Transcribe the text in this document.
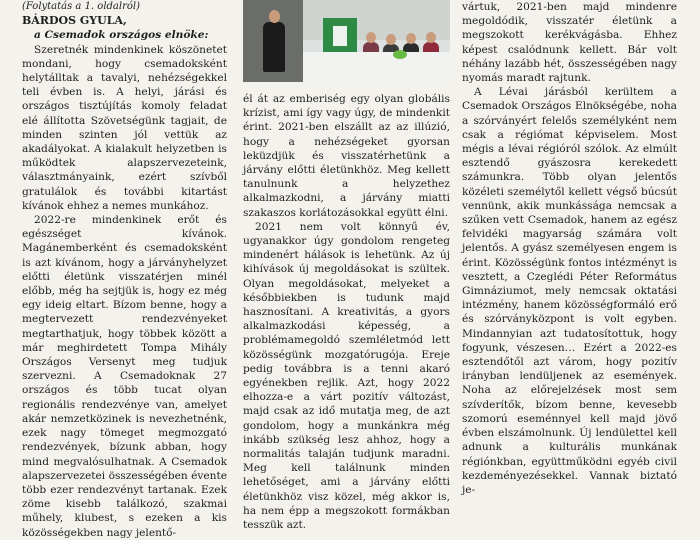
(Folytatás a 1. oldalról)

BÁRDOS GYULA,

a Csemadok országos elnöke:

Szeretnék mindenkinek köszönetet mondani, hogy csemadoksként helytálltak a tavalyi, nehézségekkel teli évben is. A helyi, járási és országos tisztújítás komoly feladat elé állította Szövetségünk tagjait, de minden szinten jól vettük az akadályokat. A kialakult helyzetben is működtek alapszervezeteink, választmányaink, ezért szívből gratulálok és további kitartást kívánok ehhez a nemes munkához.

2022-re mindenkinek erőt és egészséget kívánok. Magánemberként és csemadoksként is azt kívánom, hogy a járványhelyzet előtti életünk visszatérjen minél előbb, még ha sejtjük is, hogy ez még egy ideig eltart. Bízom benne, hogy a megtervezett rendezvényeket megtarthatjuk, hogy többek között a már meghirdetett Tompa Mihály Országos Versenyt meg tudjuk szervezni. A Csemadoknak 27 országos és több tucat olyan regionális rendezvénye van, amelyet akár nemzetközinek is nevezhetnénk, ezek nagy tömeget megmozgató rendezvények, bízunk abban, hogy mind megvalósulhatnak. A Csemadok alapszervezetei összességében évente több ezer rendezvényt tartanak. Ezek zöme kisebb találkozó, szakmai műhely, klubest, s ezeken a kis közösségekben nagy jelentő-

él át az emberiség egy olyan globális krízist, ami így vagy úgy, de mindenkit érint. 2021-ben elszállt az az illúzió, hogy a nehézségeket gyorsan leküzdjük és visszatérhetünk a járvány előtti életünkhöz. Meg kellett tanulnunk a helyzethez alkalmazkodni, a járvány miatti szakaszos korlátozásokkal együtt élni.

2021 nem volt könnyű év, ugyanakkor úgy gondolom rengeteg mindenért hálások is lehetünk. Az új kihívások új megoldásokat is szültek. Olyan megoldásokat, melyeket a későbbiekben is tudunk majd hasznosítani. A kreativitás, a gyors alkalmazkodási képesség, a problémamegoldó szemléletmód lett közösségünk mozgatórugója. Ereje pedig továbbra is a tenni akaró egyénekben rejlik. Azt, hogy 2022 elhozza-e a várt pozitív változást, majd csak az idő mutatja meg, de azt gondolom, hogy a munkánkra még inkább szükség lesz ahhoz, hogy a normalitás talaján tudjunk maradni. Meg kell találnunk minden lehetőséget, ami a járvány előtti életünkhöz visz közel, még akkor is, ha nem épp a megszokott formákban tesszük azt.

vártuk, 2021-ben majd mindenre megoldódik, visszatér életünk a megszokott kerékvágásba. Ehhez képest csalódnunk kellett. Bár volt néhány lazább hét, összességében nagy nyomás maradt rajtunk.

A Lévai járásból kerültem a Csemadok Országos Elnökségébe, noha a szórványért felelős személyként nem csak a régiómat képviselem. Most mégis a lévai régióról szólok. Az elmúlt esztendő gyászosra kerekedett számunkra. Több olyan jelentős közéleti személytől kellett végső búcsút vennünk, akik munkássága nemcsak a szűken vett Csemadok, hanem az egész felvidéki magyarság számára volt jelentős. A gyász személyesen engem is érint. Közösségünk fontos intézményt is vesztett, a Czeglédi Péter Református Gimnáziumot, mely nemcsak oktatási intézmény, hanem közösségformáló erő és szórványközpont is volt egyben. Mindannyian azt tudatosítottuk, hogy fogyunk, vészesen… Ezért a 2022-es esztendőtől azt várom, hogy pozitív irányban lendüljenek az események. Noha az előrejelzések most sem szívderítők, bízom benne, kevesebb szomorú eseménnyel kell majd jövő évben elszámolnunk. Új lendülettel kell adnunk a kulturális munkának régiónkban, együttműködni egyéb civil kezdeményezésekkel. Vannak biztató je-
